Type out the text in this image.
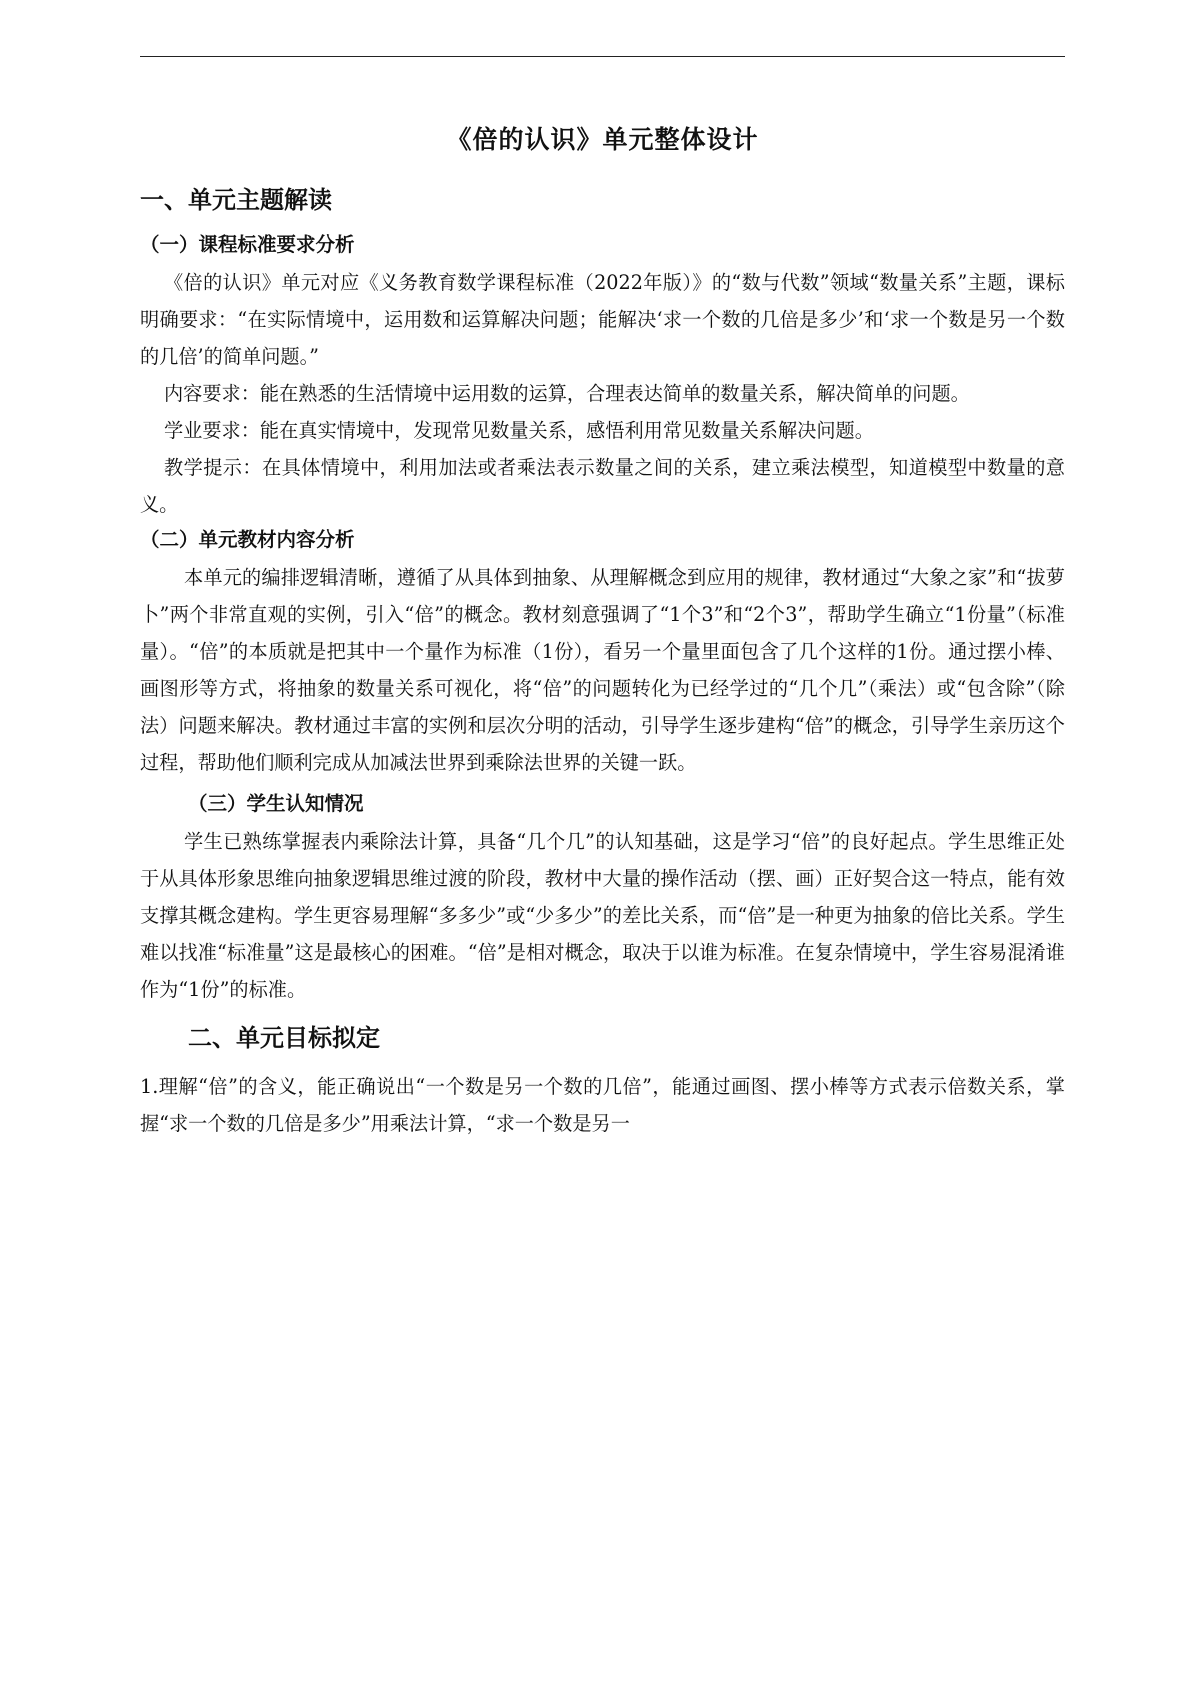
《倍的认识》单元整体设计
一、单元主题解读
（一）课程标准要求分析

《倍的认识》单元对应《义务教育数学课程标准（2022年版）》的“数与代数”领域“数量关系”主题，课标明确要求：“在实际情境中，运用数和运算解决问题；能解决‘求一个数的几倍是多少’和‘求一个数是另一个数的几倍’的简单问题。”

内容要求：能在熟悉的生活情境中运用数的运算，合理表达简单的数量关系，解决简单的问题。

学业要求：能在真实情境中，发现常见数量关系，感悟利用常见数量关系解决问题。

教学提示：在具体情境中，利用加法或者乘法表示数量之间的关系，建立乘法模型，知道模型中数量的意义。

（二）单元教材内容分析

本单元的编排逻辑清晰，遵循了从具体到抽象、从理解概念到应用的规律，教材通过“大象之家”和“拔萝卜”两个非常直观的实例，引入“倍”的概念。教材刻意强调了“1个3”和“2个3”，帮助学生确立“1份量”（标准量）。“倍”的本质就是把其中一个量作为标准（1份），看另一个量里面包含了几个这样的1份。通过摆小棒、画图形等方式，将抽象的数量关系可视化，将“倍”的问题转化为已经学过的“几个几”（乘法）或“包含除”（除法）问题来解决。教材通过丰富的实例和层次分明的活动，引导学生逐步建构“倍”的概念，引导学生亲历这个过程，帮助他们顺利完成从加减法世界到乘除法世界的关键一跃。

（三）学生认知情况

学生已熟练掌握表内乘除法计算，具备“几个几”的认知基础，这是学习“倍”的良好起点。学生思维正处于从具体形象思维向抽象逻辑思维过渡的阶段，教材中大量的操作活动（摆、画）正好契合这一特点，能有效支撑其概念建构。学生更容易理解“多多少”或“少多少”的差比关系，而“倍”是一种更为抽象的倍比关系。学生难以找准“标准量”这是最核心的困难。“倍”是相对概念，取决于以谁为标准。在复杂情境中，学生容易混淆谁作为“1份”的标准。

二、单元目标拟定

1.理解“倍”的含义，能正确说出“一个数是另一个数的几倍”，能通过画图、摆小棒等方式表示倍数关系，掌握“求一个数的几倍是多少”用乘法计算，“求一个数是另一
